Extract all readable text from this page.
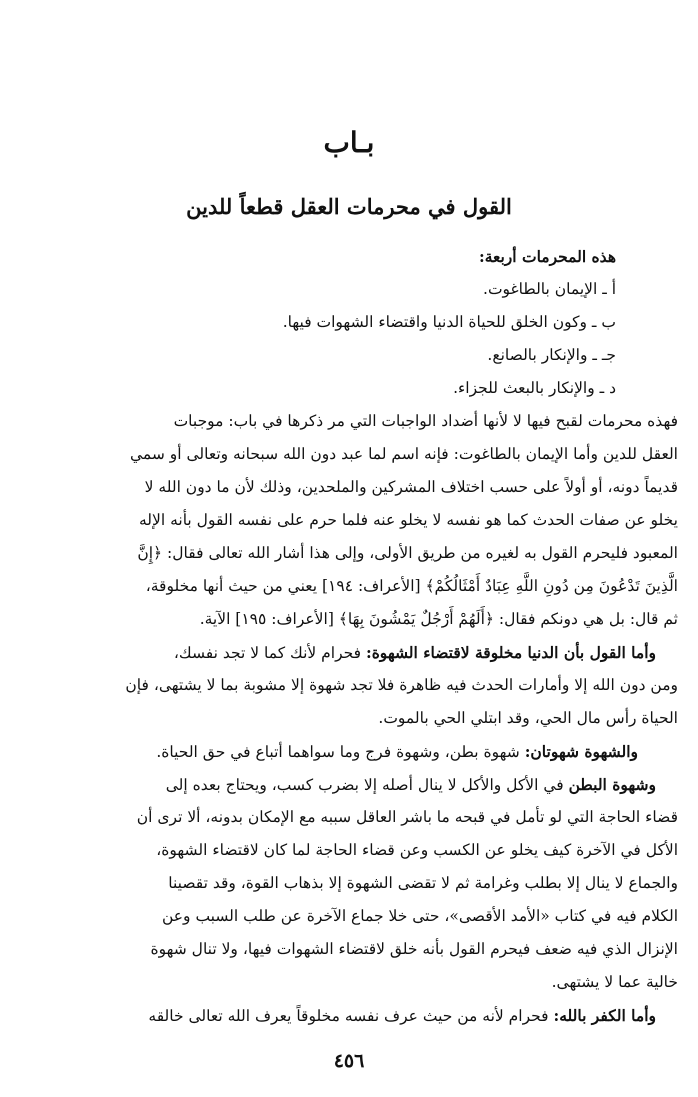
بـاب
القول في محرمات العقل قطعاً للدين
هذه المحرمات أربعة:
أ ـ الإيمان بالطاغوت.
ب ـ وكون الخلق للحياة الدنيا واقتضاء الشهوات فيها.
جـ ـ والإنكار بالصانع.
د ـ والإنكار بالبعث للجزاء.
فهذه محرمات لقبح فيها لا لأنها أضداد الواجبات التي مر ذكرها في باب: موجبات
العقل للدين وأما الإيمان بالطاغوت: فإنه اسم لما عبد دون الله سبحانه وتعالى أو سمي
قديماً دونه، أو أولاً على حسب اختلاف المشركين والملحدين، وذلك لأن ما دون الله لا
يخلو عن صفات الحدث كما هو نفسه لا يخلو عنه فلما حرم على نفسه القول بأنه الإله
المعبود فليحرم القول به لغيره من طريق الأولى، وإلى هذا أشار الله تعالى فقال: ﴿إِنَّ
الَّذِينَ تَدْعُونَ مِن دُونِ اللَّهِ عِبَادٌ أَمْثَالُكُمْ﴾ [الأعراف: ١٩٤] يعني من حيث أنها مخلوقة،
ثم قال: بل هي دونكم فقال: ﴿أَلَهُمْ أَرْجُلٌ يَمْشُونَ بِهَا﴾ [الأعراف: ١٩٥] الآية.
وأما القول بأن الدنيا مخلوقة لاقتضاء الشهوة: فحرام لأنك كما لا تجد نفسك،
ومن دون الله إلا وأمارات الحدث فيه ظاهرة فلا تجد شهوة إلا مشوبة بما لا يشتهى، فإن
الحياة رأس مال الحي، وقد ابتلي الحي بالموت.
والشهوة شهوتان: شهوة بطن، وشهوة فرج وما سواهما أتباع في حق الحياة.
وشهوة البطن في الأكل والأكل لا ينال أصله إلا بضرب كسب، ويحتاج بعده إلى
قضاء الحاجة التي لو تأمل في قبحه ما باشر العاقل سببه مع الإمكان بدونه، ألا ترى أن
الأكل في الآخرة كيف يخلو عن الكسب وعن قضاء الحاجة لما كان لاقتضاء الشهوة،
والجماع لا ينال إلا بطلب وغرامة ثم لا تقضى الشهوة إلا بذهاب القوة، وقد تقصينا
الكلام فيه في كتاب «الأمد الأقصى»، حتى خلا جماع الآخرة عن طلب السبب وعن
الإنزال الذي فيه ضعف فيحرم القول بأنه خلق لاقتضاء الشهوات فيها، ولا تنال شهوة
خالية عما لا يشتهى.
وأما الكفر بالله: فحرام لأنه من حيث عرف نفسه مخلوقاً يعرف الله تعالى خالقه
٤٥٦
